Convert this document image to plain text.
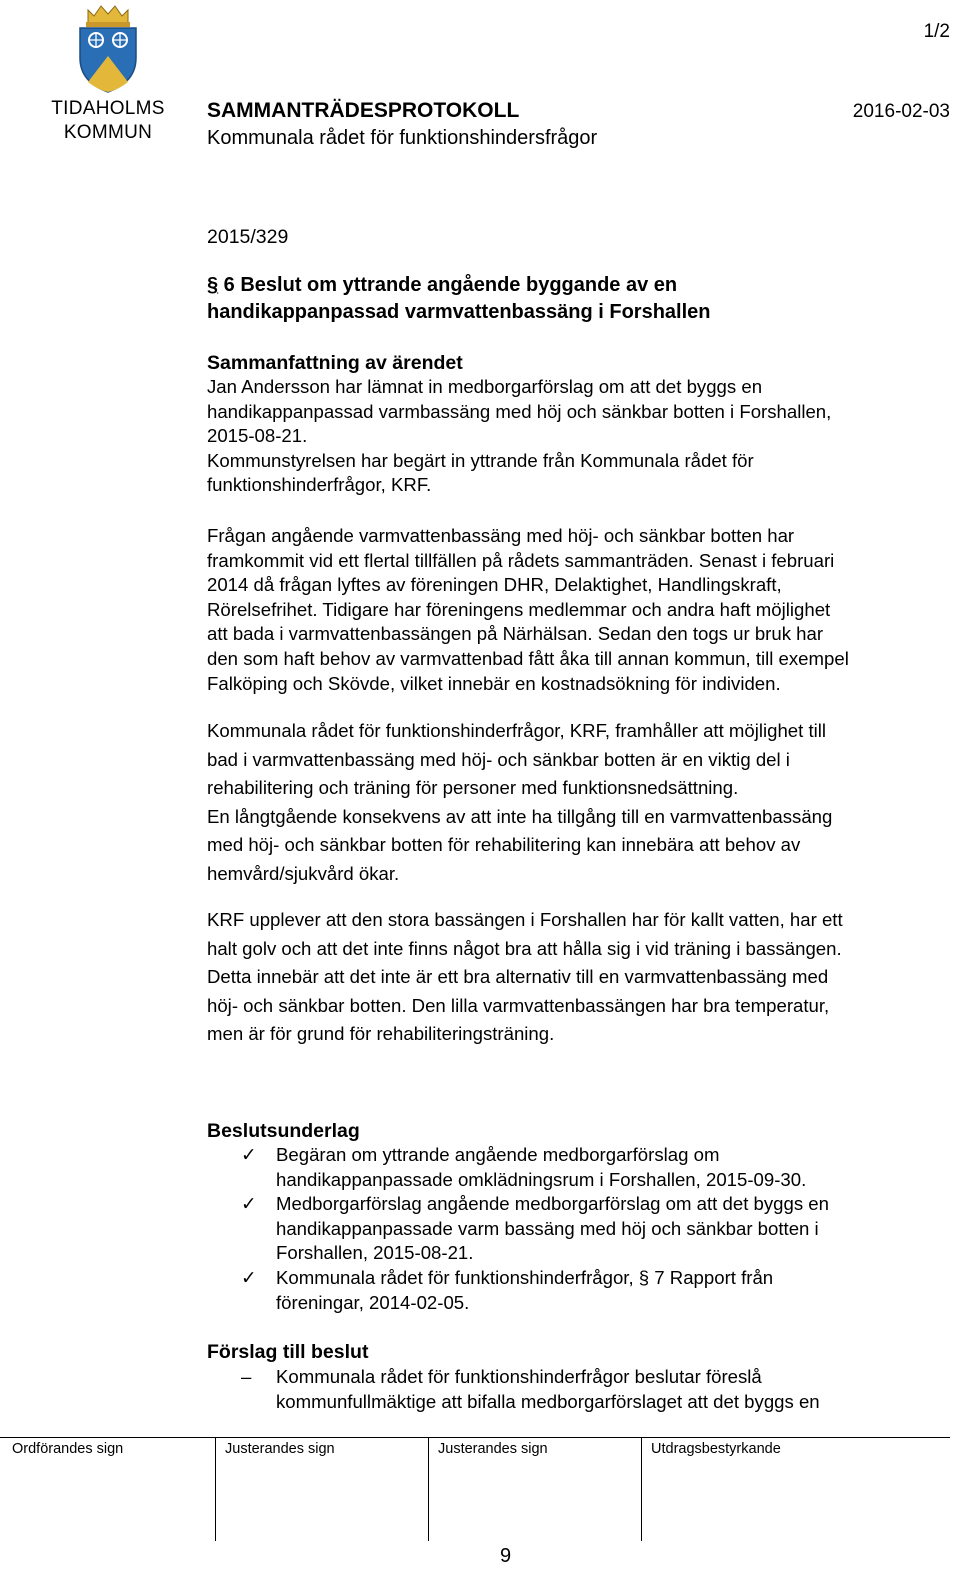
TIDAHOLMS
KOMMUN
1/2
SAMMANTRÄDESPROTOKOLL	2016-02-03
Kommunala rådet för funktionshindersfrågor
2015/329
§ 6 Beslut om yttrande angående byggande av en
handikappanpassad varmvattenbassäng i Forshallen
Sammanfattning av ärendet
Jan Andersson har lämnat in medborgarförslag om att det byggs en
handikappanpassad varmbassäng med höj och sänkbar botten i Forshallen,
2015-08-21.
Kommunstyrelsen har begärt in yttrande från Kommunala rådet för
funktionshinderfrågor, KRF.
Frågan angående varmvattenbassäng med höj- och sänkbar botten har
framkommit vid ett flertal tillfällen på rådets sammanträden. Senast i februari
2014 då frågan lyftes av föreningen DHR, Delaktighet, Handlingskraft,
Rörelsefrihet. Tidigare har föreningens medlemmar och andra haft möjlighet
att bada i varmvattenbassängen på Närhälsan. Sedan den togs ur bruk har
den som haft behov av varmvattenbad fått åka till annan kommun, till exempel
Falköping och Skövde, vilket innebär en kostnadsökning för individen.
Kommunala rådet för funktionshinderfrågor, KRF, framhåller att möjlighet till
bad i varmvattenbassäng med höj- och sänkbar botten är en viktig del i
rehabilitering och träning för personer med funktionsnedsättning.
En långtgående konsekvens av att inte ha tillgång till en varmvattenbassäng
med höj- och sänkbar botten för rehabilitering kan innebära att behov av
hemvård/sjukvård ökar.
KRF upplever att den stora bassängen i Forshallen har för kallt vatten, har ett
halt golv och att det inte finns något bra att hålla sig i vid träning i bassängen.
Detta innebär att det inte är ett bra alternativ till en varmvattenbassäng med
höj- och sänkbar botten. Den lilla varmvattenbassängen har bra temperatur,
men är för grund för rehabiliteringsträning.
Beslutsunderlag
✓ Begäran om yttrande angående medborgarförslag om
handikappanpassade omklädningsrum i Forshallen, 2015-09-30.
✓ Medborgarförslag angående medborgarförslag om att det byggs en
handikappanpassade varm bassäng med höj och sänkbar botten i
Forshallen, 2015-08-21.
✓ Kommunala rådet för funktionshinderfrågor, § 7 Rapport från
föreningar, 2014-02-05.
Förslag till beslut
– Kommunala rådet för funktionshinderfrågor beslutar föreslå
kommunfullmäktige att bifalla medborgarförslaget att det byggs en
Ordförandes sign	Justerandes sign	Justerandes sign	Utdragsbestyrkande
9
